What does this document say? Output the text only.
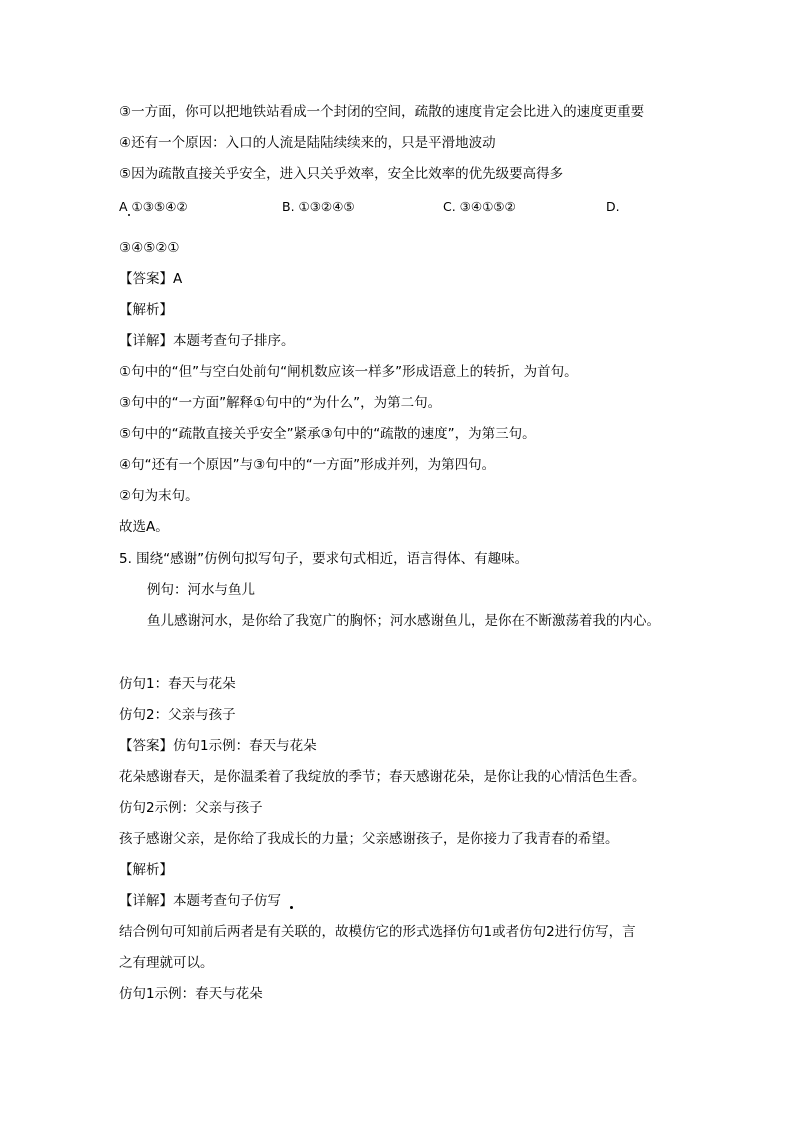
③一方面，你可以把地铁站看成一个封闭的空间，疏散的速度肯定会比进入的速度更重要
④还有一个原因：入口的人流是陆陆续续来的，只是平滑地波动
⑤因为疏散直接关乎安全，进入只关乎效率，安全比效率的优先级要高得多
A ①③⑤④②	B. ①③②④⑤	C. ③④①⑤②	D.
③④⑤②①
【答案】A
【解析】
【详解】本题考查句子排序。
①句中的“但”与空白处前句“闸机数应该一样多”形成语意上的转折，为首句。
③句中的“一方面”解释①句中的“为什么”，为第二句。
⑤句中的“疏散直接关乎安全”紧承③句中的“疏散的速度”，为第三句。
④句“还有一个原因”与③句中的“一方面”形成并列，为第四句。
②句为末句。
故选A。
5. 围绕“感谢”仿例句拟写句子，要求句式相近，语言得体、有趣味。
例句：河水与鱼儿
鱼儿感谢河水，是你给了我宽广的胸怀；河水感谢鱼儿，是你在不断激荡着我的内心。
仿句1：春天与花朵
仿句2：父亲与孩子
【答案】仿句1示例：春天与花朵
花朵感谢春天，是你温柔着了我绽放的季节；春天感谢花朵，是你让我的心情活色生香。
仿句2示例：父亲与孩子
孩子感谢父亲，是你给了我成长的力量；父亲感谢孩子，是你接力了我青春的希望。
【解析】
【详解】本题考查句子仿写
结合例句可知前后两者是有关联的，故模仿它的形式选择仿句1或者仿句2进行仿写，言
之有理就可以。
仿句1示例：春天与花朵
